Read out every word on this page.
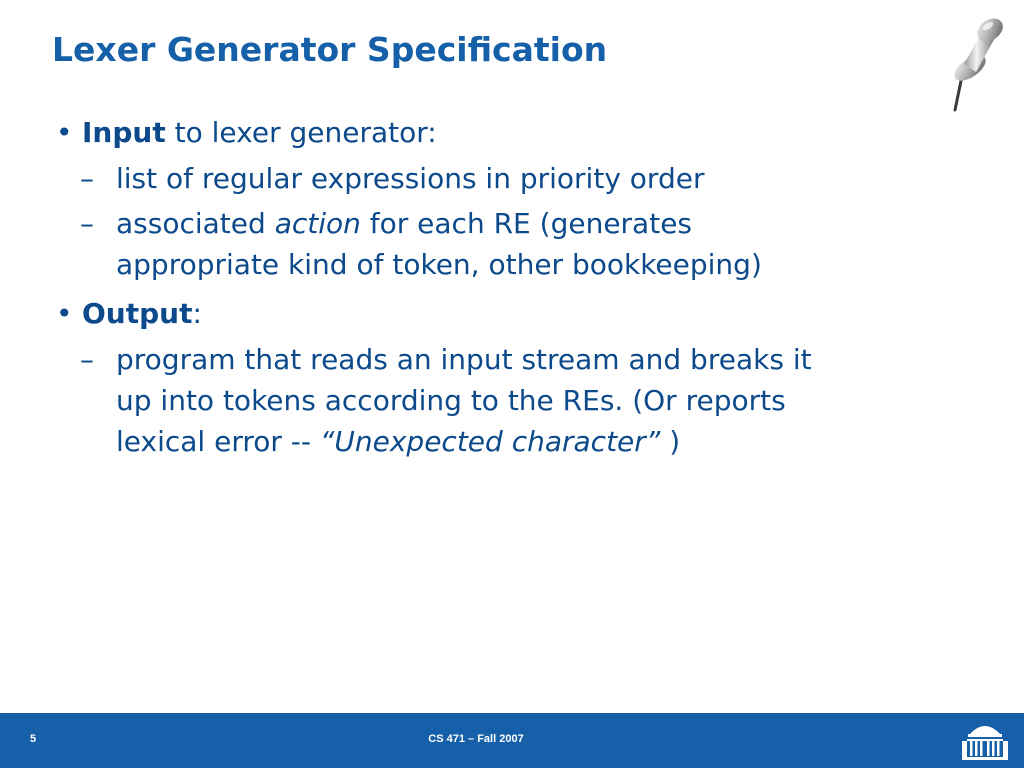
Lexer Generator Specification
• Input to lexer generator:
– list of regular expressions in priority order
– associated action for each RE (generates
appropriate kind of token, other bookkeeping)
• Output:
– program that reads an input stream and breaks it
up into tokens according to the REs. (Or reports
lexical error -- “Unexpected character” )
5	CS 471 – Fall 2007
